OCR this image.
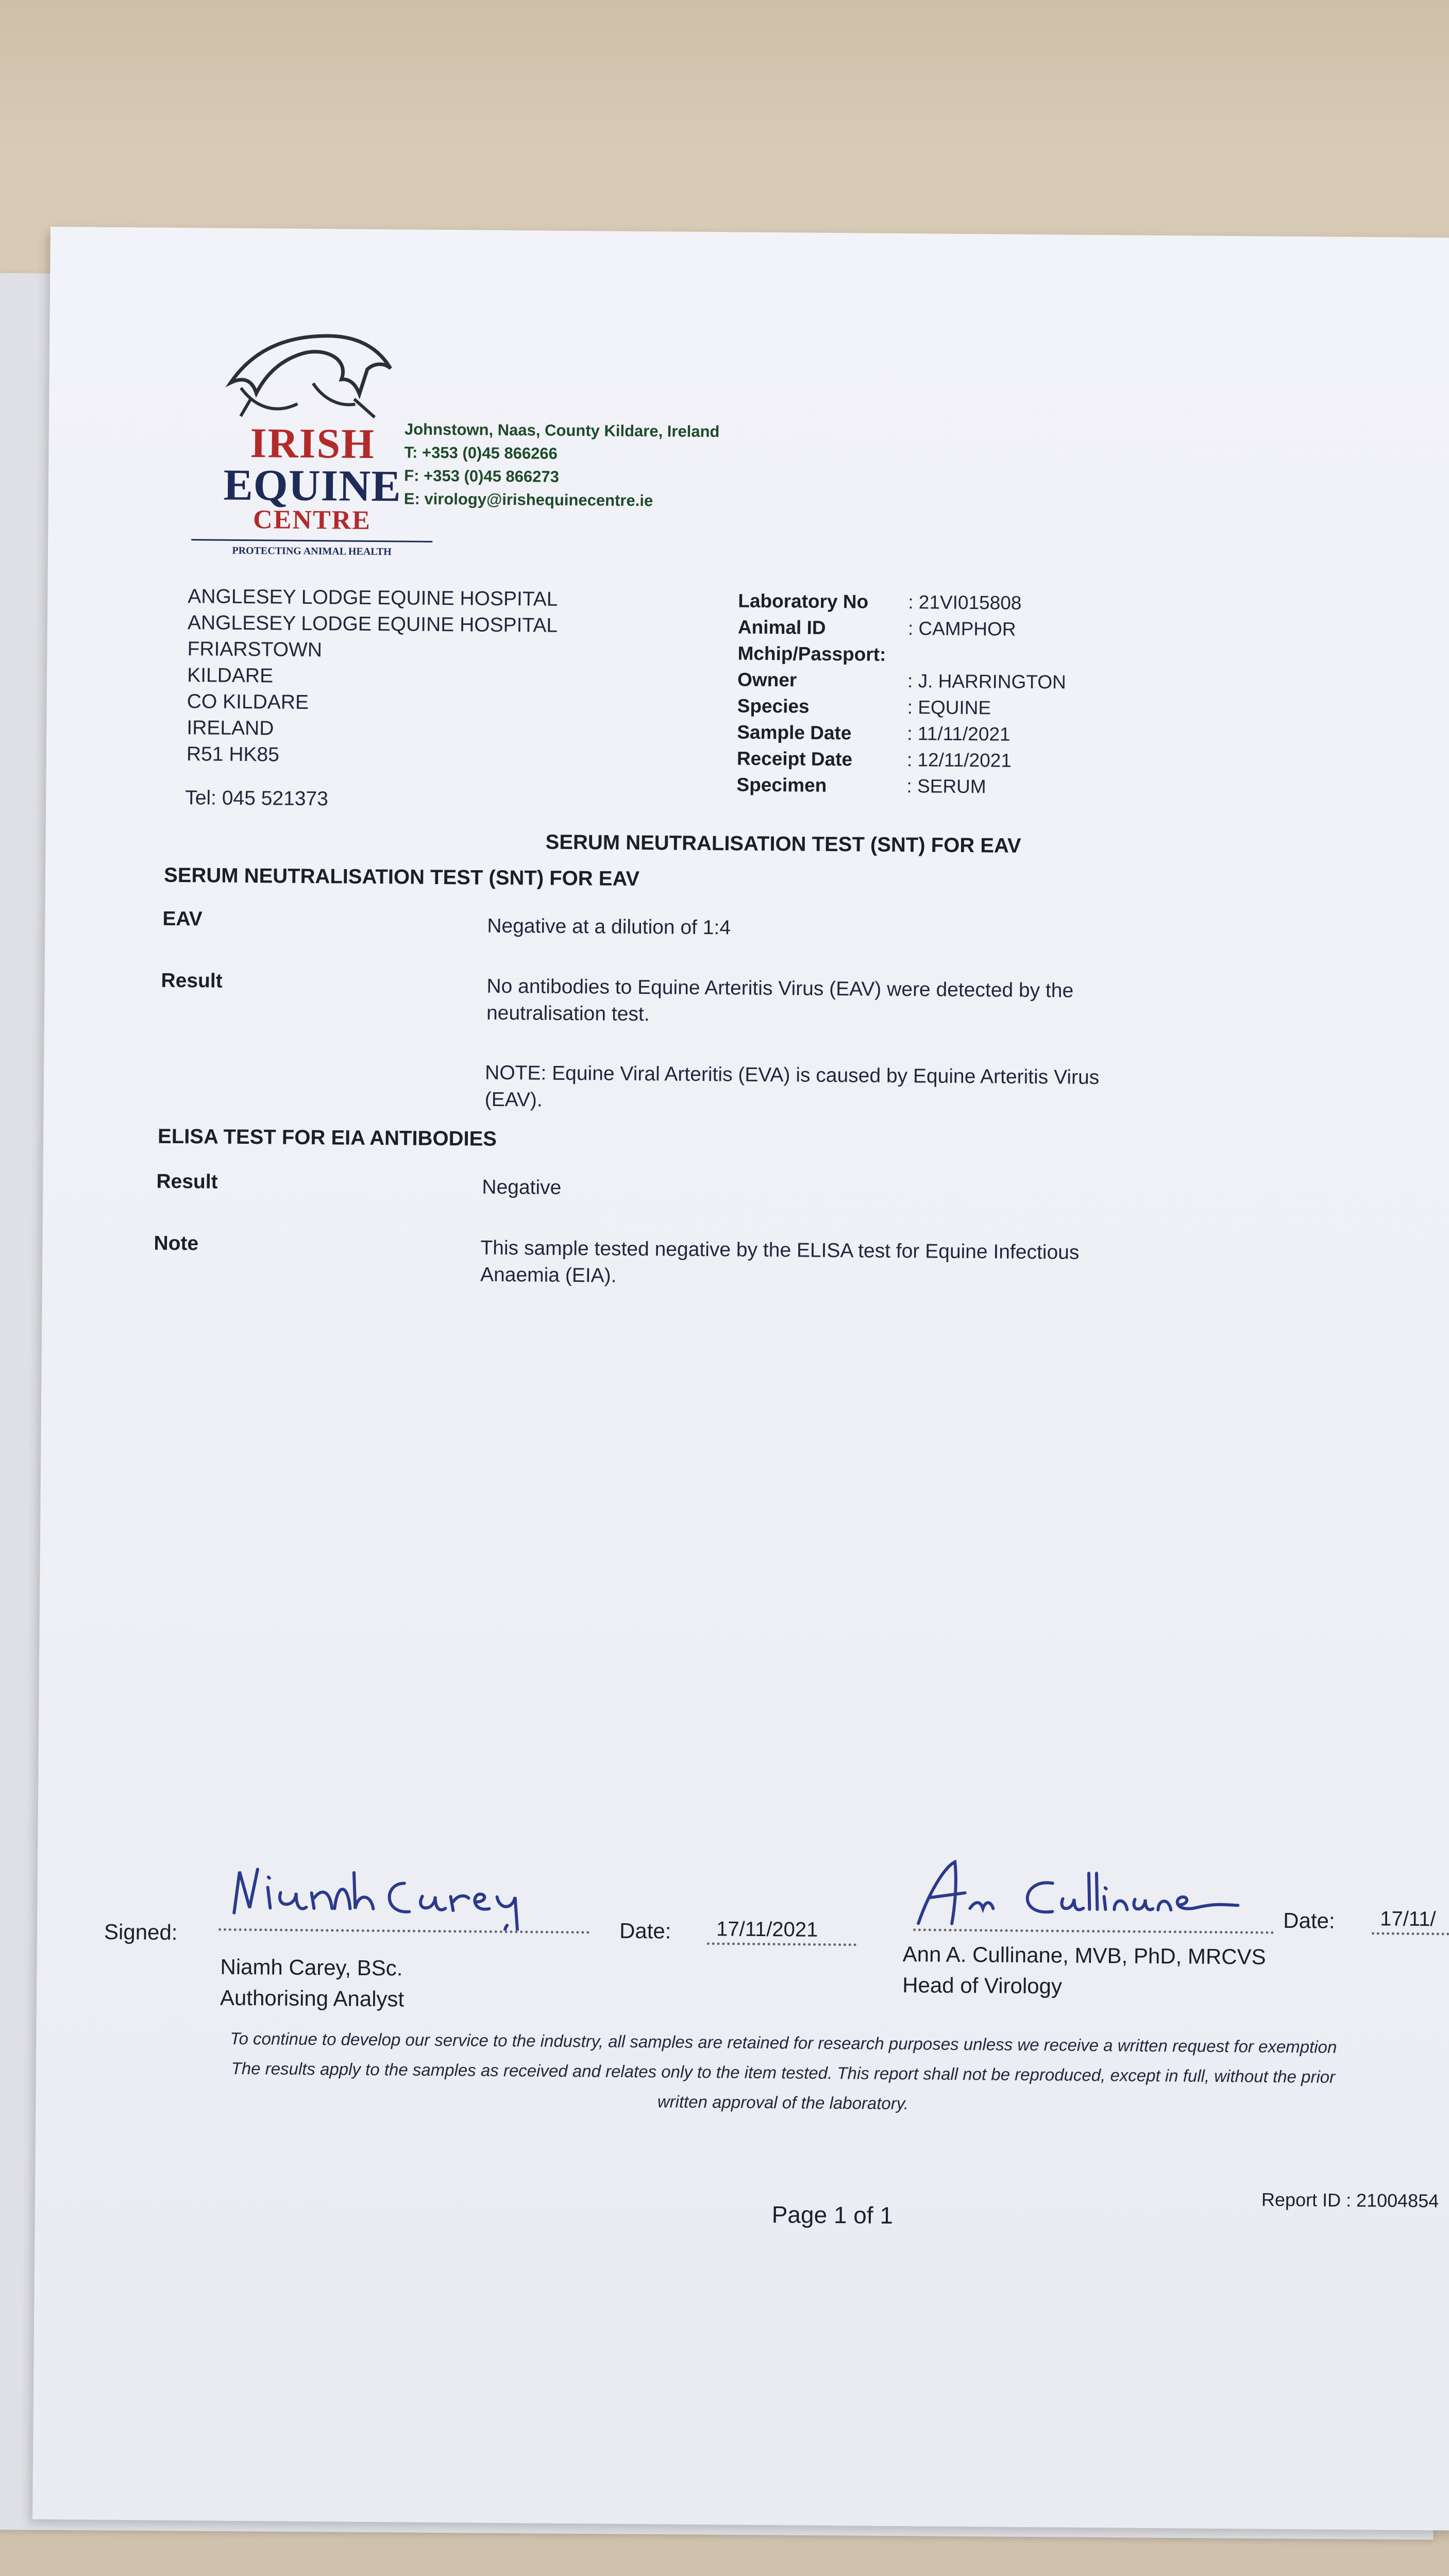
IRISH
EQUINE
CENTRE
PROTECTING ANIMAL HEALTH
Johnstown, Naas, County Kildare, Ireland
T: +353 (0)45 866266
F: +353 (0)45 866273
E: virology@irishequinecentre.ie
ANGLESEY LODGE EQUINE HOSPITAL
ANGLESEY LODGE EQUINE HOSPITAL
FRIARSTOWN
KILDARE
CO KILDARE
IRELAND
R51 HK85
Tel: 045 521373
Laboratory No	: 21VI015808
Animal ID	: CAMPHOR
Mchip/Passport:
Owner	: J. HARRINGTON
Species	: EQUINE
Sample Date	: 11/11/2021
Receipt Date	: 12/11/2021
Specimen	: SERUM
SERUM NEUTRALISATION TEST (SNT) FOR EAV
SERUM NEUTRALISATION TEST (SNT) FOR EAV
EAV	Negative at a dilution of 1:4
Result	No antibodies to Equine Arteritis Virus (EAV) were detected by the neutralisation test.
NOTE: Equine Viral Arteritis (EVA) is caused by Equine Arteritis Virus (EAV).
ELISA TEST FOR EIA ANTIBODIES
Result	Negative
Note	This sample tested negative by the ELISA test for Equine Infectious Anaemia (EIA).
Signed:	Date: 17/11/2021
Niamh Carey, BSc.
Authorising Analyst
Date: 17/11/
Ann A. Cullinane, MVB, PhD, MRCVS
Head of Virology
To continue to develop our service to the industry, all samples are retained for research purposes unless we receive a written request for exemption
The results apply to the samples as received and relates only to the item tested. This report shall not be reproduced, except in full, without the prior
written approval of the laboratory.
Page 1 of 1
Report ID : 21004854
